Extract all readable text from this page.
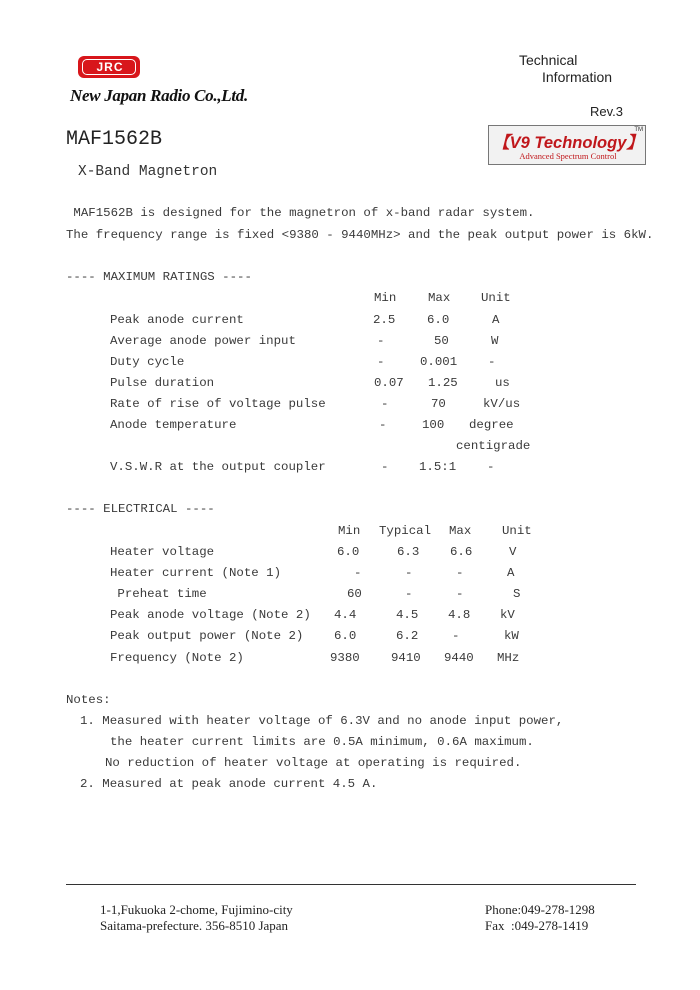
JRC

New Japan Radio Co.,Ltd.
Technical
Information
Rev.3
MAF1562B
X-Band Magnetron

【V9 Technology】

Advanced Spectrum Control

TM

MAF1562B is designed for the magnetron of x-band radar system.
The frequency range is fixed <9380 - 9440MHz> and the peak output power is 6kW.
---- MAXIMUM RATINGS ----
Min	Max Unit
Peak anode current	2.5	6.0	A
Average anode power input	-	50	W
Duty cycle	-	0.001 -
Pulse duration	0.07 1.25	us
Rate of rise of voltage pulse	-	70	kV/us
Anode temperature	-	100 degree
centigrade
V.S.W.R at the output coupler	- 1.5:1 -
---- ELECTRICAL ----
Min Typical Max Unit
Heater voltage	6.0	6.3 6.6	V
Heater current (Note 1)	-	-	-	A
Preheat time	60	-	-	S
Peak anode voltage (Note 2) 4.4	4.5 4.8 kV
Peak output power (Note 2) 6.0	6.2	-	kW
Frequency (Note 2)	9380	9410 9440 MHz
Notes:
1. Measured with heater voltage of 6.3V and no anode input power,
the heater current limits are 0.5A minimum, 0.6A maximum.
No reduction of heater voltage at operating is required.
2. Measured at peak anode current 4.5 A.
1-1,Fukuoka 2-chome, Fujimino-city
Saitama-prefecture. 356-8510 Japan
Phone:049-278-1298
Fax  :049-278-1419
